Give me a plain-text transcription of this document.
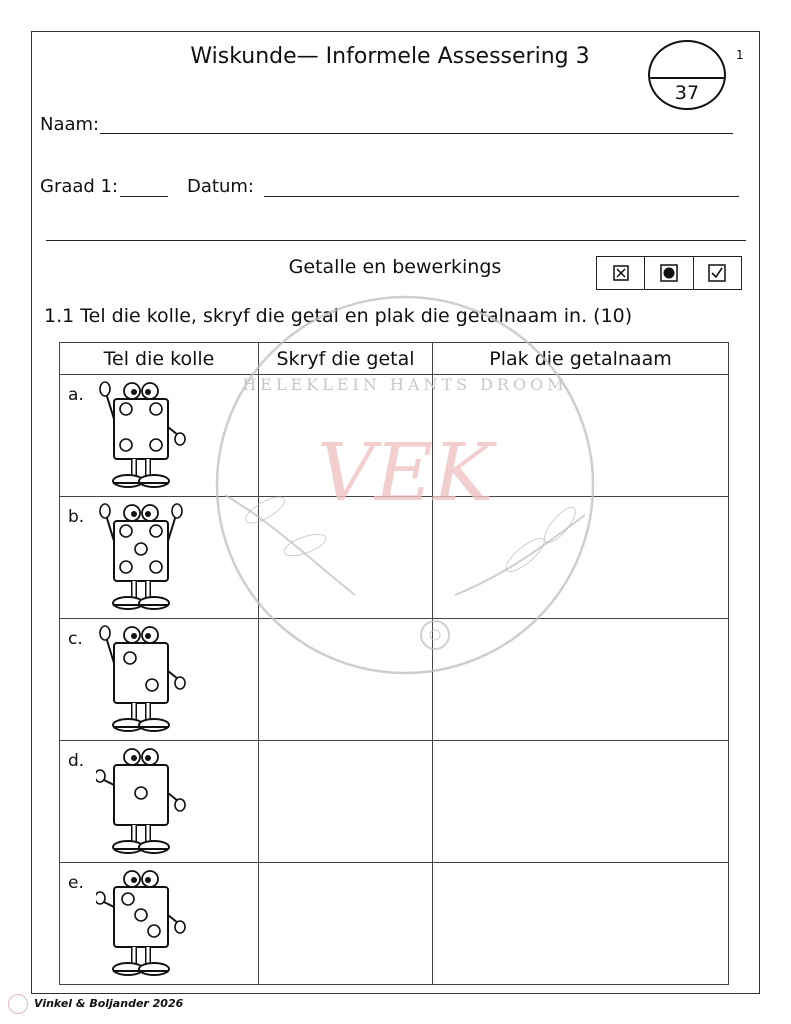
Wiskunde— Informele Assessering 3	1
37
Naam:
Graad 1:	Datum:
Getalle en bewerkings
1.1 Tel die kolle, skryf die getal en plak die getalnaam in. (10)
Tel die kolle	Skryf die getal	Plak die getalnaam

a.		

b.		

c.		

d.		

e.		

VEK
HELEKLEIN HANTS DROOM
Vinkel & Boljander 2026
